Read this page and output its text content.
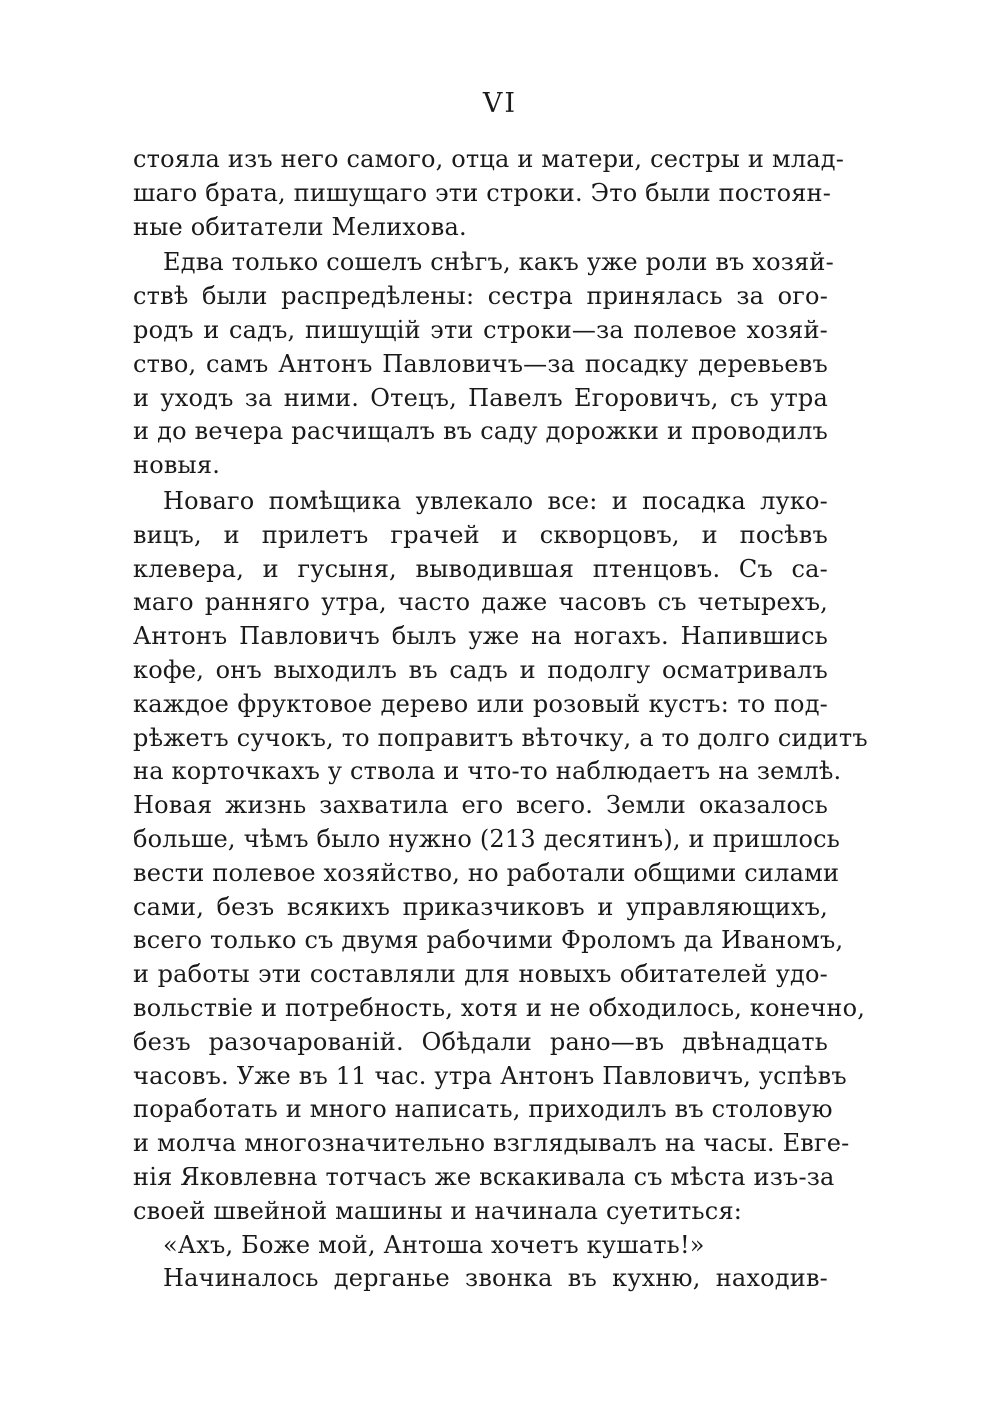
VI
стояла изъ него самого, отца и матери, сестры и млад-
шаго брата, пишущаго эти строки. Это были постоян-
ные обитатели Мелихова.
Едва только сошелъ снѣгъ, какъ уже роли въ хозяй-
ствѣ были распредѣлены: сестра принялась за ого-
родъ и садъ, пишущій эти строки—за полевое хозяй-
ство, самъ Антонъ Павловичъ—за посадку деревьевъ
и уходъ за ними. Отецъ, Павелъ Егоровичъ, съ утра
и до вечера расчищалъ въ саду дорожки и проводилъ
новыя.
Новаго помѣщика увлекало все: и посадка луко-
вицъ, и прилетъ грачей и скворцовъ, и посѣвъ
клевера, и гусыня, выводившая птенцовъ. Съ са-
маго ранняго утра, часто даже часовъ съ четырехъ,
Антонъ Павловичъ былъ уже на ногахъ. Напившись
кофе, онъ выходилъ въ садъ и подолгу осматривалъ
каждое фруктовое дерево или розовый кустъ: то под-
рѣжетъ сучокъ, то поправитъ вѣточку, а то долго сидитъ
на корточкахъ у ствола и что-то наблюдаетъ на землѣ.
Новая жизнь захватила его всего. Земли оказалось
больше, чѣмъ было нужно (213 десятинъ), и пришлось
вести полевое хозяйство, но работали общими силами
сами, безъ всякихъ приказчиковъ и управляющихъ,
всего только съ двумя рабочими Фроломъ да Иваномъ,
и работы эти составляли для новыхъ обитателей удо-
вольствіе и потребность, хотя и не обходилось, конечно,
безъ разочарованій. Обѣдали рано—въ двѣнадцать
часовъ. Уже въ 11 час. утра Антонъ Павловичъ, успѣвъ
поработать и много написать, приходилъ въ столовую
и молча многозначительно взглядывалъ на часы. Евге-
нія Яковлевна тотчасъ же вскакивала съ мѣста изъ-за
своей швейной машины и начинала суетиться:
«Ахъ, Боже мой, Антоша хочетъ кушать!»
Начиналось дерганье звонка въ кухню, находив-
